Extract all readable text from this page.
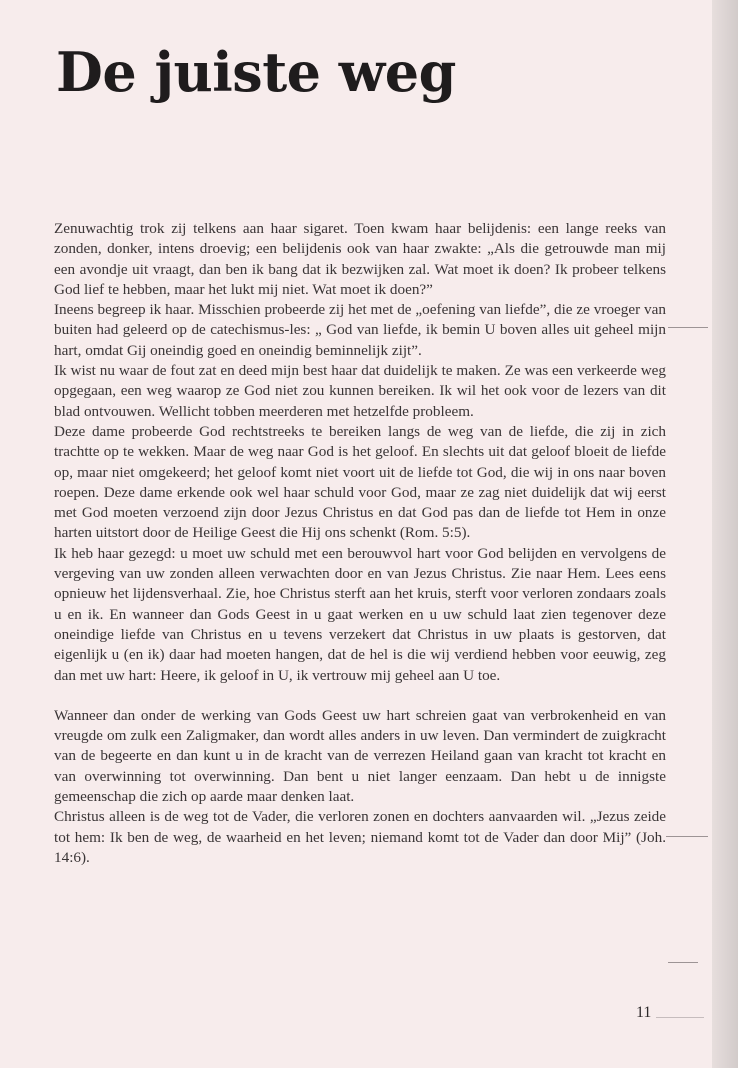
De juiste weg

Zenuwachtig trok zij telkens aan haar sigaret. Toen kwam haar belijdenis: een lange reeks van zonden, donker, intens droevig; een belijdenis ook van haar zwakte: „Als die getrouwde man mij een avondje uit vraagt, dan ben ik bang dat ik bezwijken zal. Wat moet ik doen? Ik probeer telkens God lief te hebben, maar het lukt mij niet. Wat moet ik doen?”

Ineens begreep ik haar. Misschien probeerde zij het met de „oefening van liefde”, die ze vroeger van buiten had geleerd op de catechismus-les: „ God van liefde, ik bemin U boven alles uit geheel mijn hart, omdat Gij oneindig goed en oneindig beminnelijk zijt”.

Ik wist nu waar de fout zat en deed mijn best haar dat duidelijk te maken. Ze was een verkeerde weg opgegaan, een weg waarop ze God niet zou kunnen bereiken. Ik wil het ook voor de lezers van dit blad ontvouwen. Wellicht tobben meerderen met hetzelfde probleem.

Deze dame probeerde God rechtstreeks te bereiken langs de weg van de liefde, die zij in zich trachtte op te wekken. Maar de weg naar God is het geloof. En slechts uit dat geloof bloeit de liefde op, maar niet omgekeerd; het geloof komt niet voort uit de liefde tot God, die wij in ons naar boven roepen. Deze dame erkende ook wel haar schuld voor God, maar ze zag niet duidelijk dat wij eerst met God moeten verzoend zijn door Jezus Christus en dat God pas dan de liefde tot Hem in onze harten uitstort door de Heilige Geest die Hij ons schenkt (Rom. 5:5).

Ik heb haar gezegd: u moet uw schuld met een berouwvol hart voor God belijden en vervolgens de vergeving van uw zonden alleen verwachten door en van Jezus Christus. Zie naar Hem. Lees eens opnieuw het lijdensverhaal. Zie, hoe Christus sterft aan het kruis, sterft voor verloren zondaars zoals u en ik. En wanneer dan Gods Geest in u gaat werken en u uw schuld laat zien tegenover deze oneindige liefde van Christus en u tevens verzekert dat Christus in uw plaats is gestorven, dat eigenlijk u (en ik) daar had moeten hangen, dat de hel is die wij verdiend hebben voor eeuwig, zeg dan met uw hart: Heere, ik geloof in U, ik vertrouw mij geheel aan U toe.

Wanneer dan onder de werking van Gods Geest uw hart schreien gaat van verbrokenheid en van vreugde om zulk een Zaligmaker, dan wordt alles anders in uw leven. Dan vermindert de zuigkracht van de begeerte en dan kunt u in de kracht van de verrezen Heiland gaan van kracht tot kracht en van overwinning tot overwinning. Dan bent u niet langer eenzaam. Dan hebt u de innigste gemeenschap die zich op aarde maar denken laat.

Christus alleen is de weg tot de Vader, die verloren zonen en dochters aanvaarden wil. „Jezus zeide tot hem: Ik ben de weg, de waarheid en het leven; niemand komt tot de Vader dan door Mij” (Joh. 14:6).

11
